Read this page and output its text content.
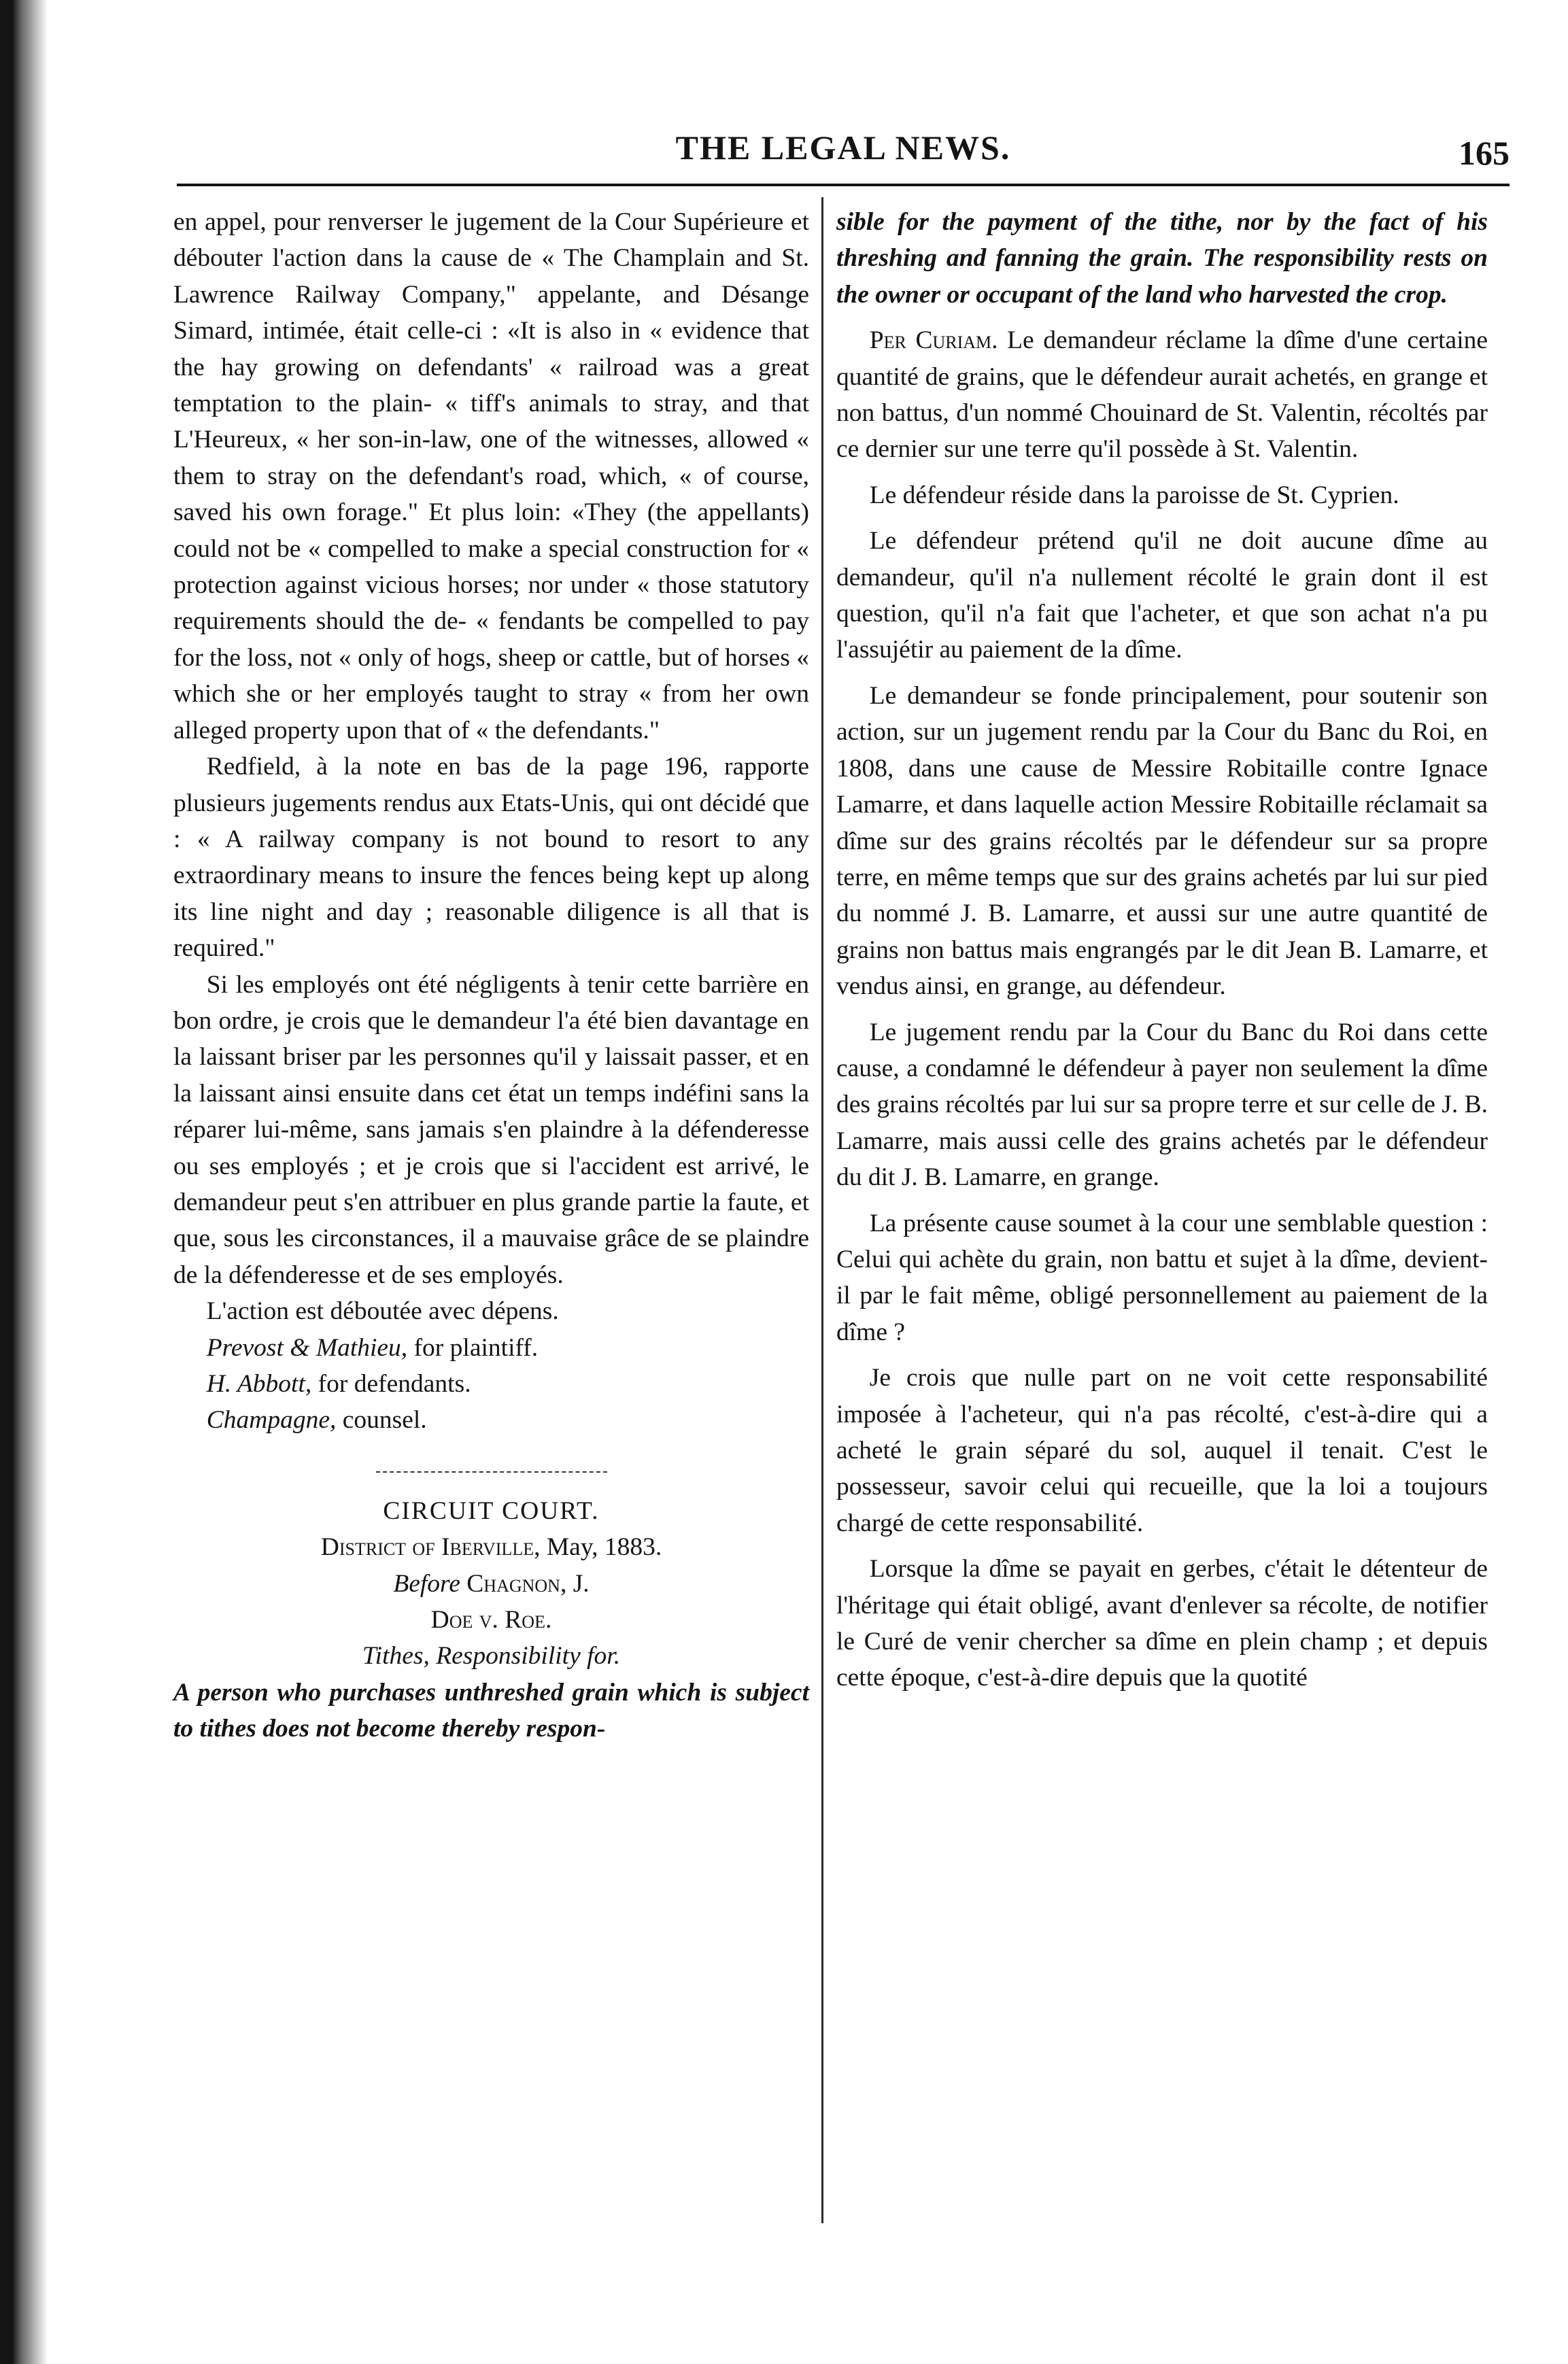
THE LEGAL NEWS.	165

en appel, pour renverser le jugement de la Cour Supérieure et débouter l'action dans la cause de « The Champlain and St. Lawrence Railway Company," appelante, and Désange Simard, intimée, était celle-ci : «It is also in « evidence that the hay growing on defendants' « railroad was a great temptation to the plain- « tiff's animals to stray, and that L'Heureux, « her son-in-law, one of the witnesses, allowed « them to stray on the defendant's road, which, « of course, saved his own forage." Et plus loin: «They (the appellants) could not be « compelled to make a special construction for « protection against vicious horses; nor under « those statutory requirements should the de- « fendants be compelled to pay for the loss, not « only of hogs, sheep or cattle, but of horses « which she or her employés taught to stray « from her own alleged property upon that of « the defendants."

Redfield, à la note en bas de la page 196, rapporte plusieurs jugements rendus aux Etats-Unis, qui ont décidé que : « A railway company is not bound to resort to any extraordinary means to insure the fences being kept up along its line night and day ; reasonable diligence is all that is required."

Si les employés ont été négligents à tenir cette barrière en bon ordre, je crois que le demandeur l'a été bien davantage en la laissant briser par les personnes qu'il y laissait passer, et en la laissant ainsi ensuite dans cet état un temps indéfini sans la réparer lui-même, sans jamais s'en plaindre à la défenderesse ou ses employés ; et je crois que si l'accident est arrivé, le demandeur peut s'en attribuer en plus grande partie la faute, et que, sous les circonstances, il a mauvaise grâce de se plaindre de la défenderesse et de ses employés.

L'action est déboutée avec dépens.

Prevost & Mathieu, for plaintiff.

H. Abbott, for defendants.

Champagne, counsel.

CIRCUIT COURT.

District of Iberville, May, 1883.

Before Chagnon, J.

Doe v. Roe.

Tithes, Responsibility for.

A person who purchases unthreshed grain which is subject to tithes does not become thereby respon-

sible for the payment of the tithe, nor by the fact of his threshing and fanning the grain. The responsibility rests on the owner or occupant of the land who harvested the crop.

Per Curiam. Le demandeur réclame la dîme d'une certaine quantité de grains, que le défendeur aurait achetés, en grange et non battus, d'un nommé Chouinard de St. Valentin, récoltés par ce dernier sur une terre qu'il possède à St. Valentin.

Le défendeur réside dans la paroisse de St. Cyprien.

Le défendeur prétend qu'il ne doit aucune dîme au demandeur, qu'il n'a nullement récolté le grain dont il est question, qu'il n'a fait que l'acheter, et que son achat n'a pu l'assujétir au paiement de la dîme.

Le demandeur se fonde principalement, pour soutenir son action, sur un jugement rendu par la Cour du Banc du Roi, en 1808, dans une cause de Messire Robitaille contre Ignace Lamarre, et dans laquelle action Messire Robitaille réclamait sa dîme sur des grains récoltés par le défendeur sur sa propre terre, en même temps que sur des grains achetés par lui sur pied du nommé J. B. Lamarre, et aussi sur une autre quantité de grains non battus mais engrangés par le dit Jean B. Lamarre, et vendus ainsi, en grange, au défendeur.

Le jugement rendu par la Cour du Banc du Roi dans cette cause, a condamné le défendeur à payer non seulement la dîme des grains récoltés par lui sur sa propre terre et sur celle de J. B. Lamarre, mais aussi celle des grains achetés par le défendeur du dit J. B. Lamarre, en grange.

La présente cause soumet à la cour une semblable question : Celui qui achète du grain, non battu et sujet à la dîme, devient-il par le fait même, obligé personnellement au paiement de la dîme ?

Je crois que nulle part on ne voit cette responsabilité imposée à l'acheteur, qui n'a pas récolté, c'est-à-dire qui a acheté le grain séparé du sol, auquel il tenait. C'est le possesseur, savoir celui qui recueille, que la loi a toujours chargé de cette responsabilité.

Lorsque la dîme se payait en gerbes, c'était le détenteur de l'héritage qui était obligé, avant d'enlever sa récolte, de notifier le Curé de venir chercher sa dîme en plein champ ; et depuis cette époque, c'est-à-dire depuis que la quotité
